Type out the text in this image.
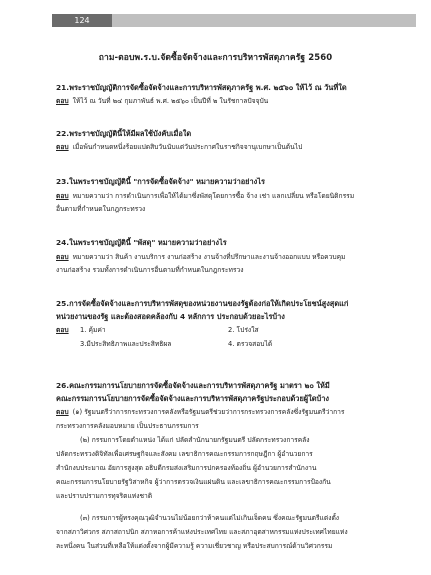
124
ถาม-ตอบพ.ร.บ.จัดซื้อจัดจ้างและการบริหารพัสดุภาครัฐ 2560
21.พระราชบัญญัติการจัดซื้อจัดจ้างและการบริหารพัสดุภาครัฐ พ.ศ. ๒๕๖๐ ให้ไว้ ณ วันที่ใด
ตอบ ให้ไว้ ณ วันที่ ๒๔ กุมภาพันธ์ พ.ศ. ๒๕๖๐ เป็นปีที่ ๒ ในรัชกาลปัจจุบัน
22.พระราชบัญญัตินี้ให้มีผลใช้บังคับเมื่อใด
ตอบ เมื่อพ้นกำหนดหนึ่งร้อยแปดสิบวันนับแต่วันประกาศในราชกิจจานุเบกษาเป็นต้นไป
23.ในพระราชบัญญัตินี้ "การจัดซื้อจัดจ้าง" หมายความว่าอย่างไร
ตอบ หมายความว่า การดำเนินการเพื่อให้ได้มาซึ่งพัสดุโดยการซื้อ จ้าง เช่า แลกเปลี่ยน หรือโดยนิติกรรม
อื่นตามที่กำหนดในกฎกระทรวง
24.ในพระราชบัญญัตินี้ "พัสดุ" หมายความว่าอย่างไร
ตอบ หมายความว่า สินค้า งานบริการ งานก่อสร้าง งานจ้างที่ปรึกษาและงานจ้างออกแบบ หรือควบคุม
งานก่อสร้าง รวมทั้งการดำเนินการอื่นตามที่กำหนดในกฎกระทรวง
25.การจัดซื้อจัดจ้างและการบริหารพัสดุของหน่วยงานของรัฐต้องก่อให้เกิดประโยชน์สูงสุดแก่
หน่วยงานของรัฐ และต้องสอดคล้องกับ 4 หลักการ ประกอบด้วยอะไรบ้าง
ตอบ	1. คุ้มค่า	2. โปร่งใส
3.มีประสิทธิภาพและประสิทธิผล	4. ตรวจสอบได้
26.คณะกรรมการนโยบายการจัดซื้อจัดจ้างและการบริหารพัสดุภาครัฐ มาตรา ๒๐ ให้มี
คณะกรรมการนโยบายการจัดซื้อจัดจ้างและการบริหารพัสดุภาครัฐประกอบด้วยผู้ใดบ้าง
ตอบ (๑) รัฐมนตรีว่าการกระทรวงการคลังหรือรัฐมนตรีช่วยว่าการกระทรวงการคลังซึ่งรัฐมนตรีว่าการ
กระทรวงการคลังมอบหมาย เป็นประธานกรรมการ
(๒) กรรมการโดยตำแหน่ง ได้แก่ ปลัดสำนักนายกรัฐมนตรี ปลัดกระทรวงการคลัง
ปลัดกระทรวงดิจิทัลเพื่อเศรษฐกิจและสังคม เลขาธิการคณะกรรมการกฤษฎีกา ผู้อำนวยการ
สำนักงบประมาณ อัยการสูงสุด อธิบดีกรมส่งเสริมการปกครองท้องถิ่น ผู้อำนวยการสำนักงาน
คณะกรรมการนโยบายรัฐวิสาหกิจ ผู้ว่าการตรวจเงินแผ่นดิน และเลขาธิการคณะกรรมการป้องกัน
และปราบปรามการทุจริตแห่งชาติ
(๓) กรรมการผู้ทรงคุณวุฒิจำนวนไม่น้อยกว่าห้าคนแต่ไม่เกินเจ็ดคน ซึ่งคณะรัฐมนตรีแต่งตั้ง
จากสภาวิศวกร สภาสถาปนิก สภาหอการค้าแห่งประเทศไทย และสภาอุตสาหกรรมแห่งประเทศไทยแห่ง
ละหนึ่งคน ในส่วนที่เหลือให้แต่งตั้งจากผู้มีความรู้ ความเชี่ยวชาญ หรือประสบการณ์ด้านวิศวกรรม
